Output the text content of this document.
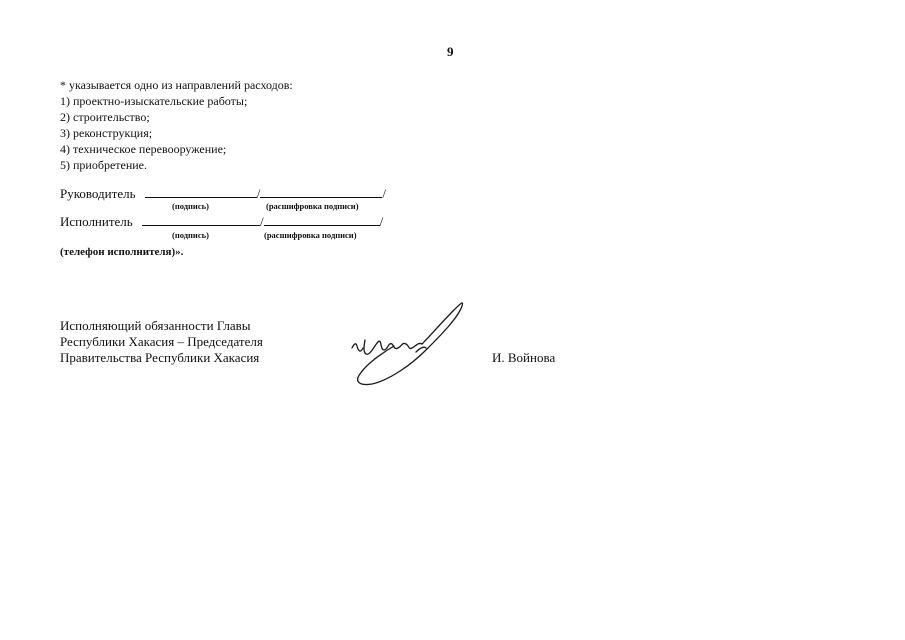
9
* указывается одно из направлений расходов:
1) проектно-изыскательские работы;
2) строительство;
3) реконструкция;
4) техническое перевооружение;
5) приобретение.
Руководитель	/	/
(подпись)	(расшифровка подписи)
Исполнитель	/	/
(подпись)	(расшифровка подписи)
(телефон исполнителя)».
Исполняющий обязанности Главы
Республики Хакасия – Председателя
Правительства Республики Хакасия	И. Войнова
